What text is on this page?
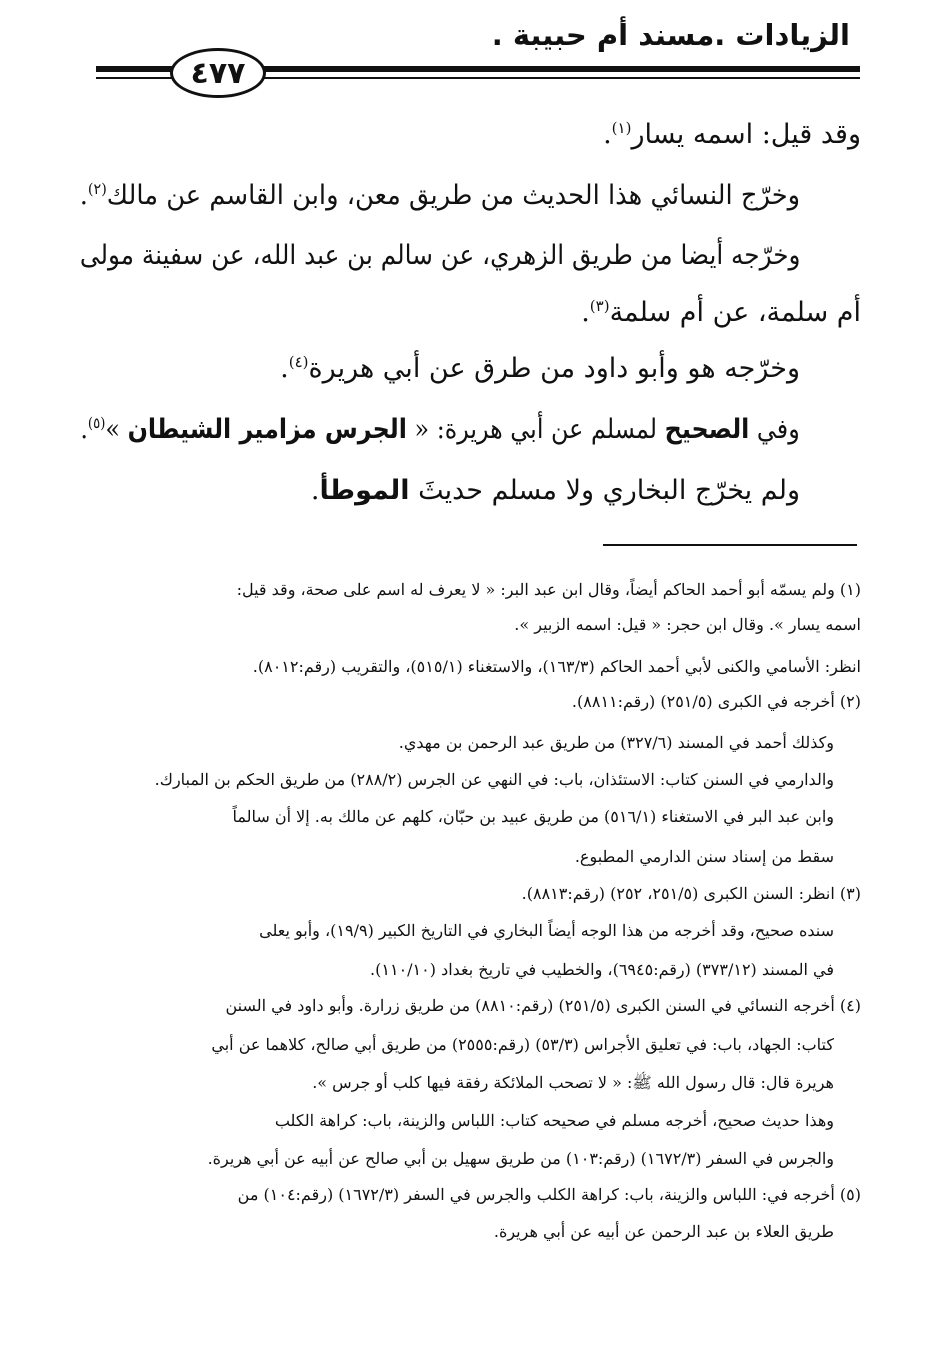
الزيادات .مسند أم حبيبة .
٤٧٧
وقد قيل: اسمه يسار$^{(١)}$.
وخرّج النسائي هذا الحديث من طريق معن، وابن القاسم عن مالك$^{(٢)}$.
وخرّجه أيضا من طريق الزهري، عن سالم بن عبد الله، عن سفينة مولى
أم سلمة، عن أم سلمة$^{(٣)}$.
وخرّجه هو وأبو داود من طرق عن أبي هريرة$^{(٤)}$.
وفي الصحيح لمسلم عن أبي هريرة: « الجرس مزامير الشيطان »$^{(٥)}$.
ولم يخرّج البخاري ولا مسلم حديثَ الموطأ.
(١) ولم يسمّه أبو أحمد الحاكم أيضاً، وقال ابن عبد البر: « لا يعرف له اسم على صحة، وقد قيل:
اسمه يسار ». وقال ابن حجر: « قيل: اسمه الزبير ».
انظر: الأسامي والكنى لأبي أحمد الحاكم (١٦٣/٣)، والاستغناء (٥١٥/١)، والتقريب (رقم:٨٠١٢).
(٢) أخرجه في الكبرى (٢٥١/٥) (رقم:٨٨١١).
وكذلك أحمد في المسند (٣٢٧/٦) من طريق عبد الرحمن بن مهدي.
والدارمي في السنن كتاب: الاستئذان، باب: في النهي عن الجرس (٢٨٨/٢) من طريق الحكم بن المبارك.
وابن عبد البر في الاستغناء (٥١٦/١) من طريق عبيد بن حبّان، كلهم عن مالك به. إلا أن سالماً
سقط من إسناد سنن الدارمي المطبوع.
(٣) انظر: السنن الكبرى (٢٥١/٥، ٢٥٢) (رقم:٨٨١٣).
سنده صحيح، وقد أخرجه من هذا الوجه أيضاً البخاري في التاريخ الكبير (١٩/٩)، وأبو يعلى
في المسند (٣٧٣/١٢) (رقم:٦٩٤٥)، والخطيب في تاريخ بغداد (١١٠/١٠).
(٤) أخرجه النسائي في السنن الكبرى (٢٥١/٥) (رقم:٨٨١٠) من طريق زرارة. وأبو داود في السنن
كتاب: الجهاد، باب: في تعليق الأجراس (٥٣/٣) (رقم:٢٥٥٥) من طريق أبي صالح، كلاهما عن أبي
هريرة قال: قال رسول الله ﷺ: « لا تصحب الملائكة رفقة فيها كلب أو جرس ».
وهذا حديث صحيح، أخرجه مسلم في صحيحه كتاب: اللباس والزينة، باب: كراهة الكلب
والجرس في السفر (١٦٧٢/٣) (رقم:١٠٣) من طريق سهيل بن أبي صالح عن أبيه عن أبي هريرة.
(٥) أخرجه في: اللباس والزينة، باب: كراهة الكلب والجرس في السفر (١٦٧٢/٣) (رقم:١٠٤) من
طريق العلاء بن عبد الرحمن عن أبيه عن أبي هريرة.
